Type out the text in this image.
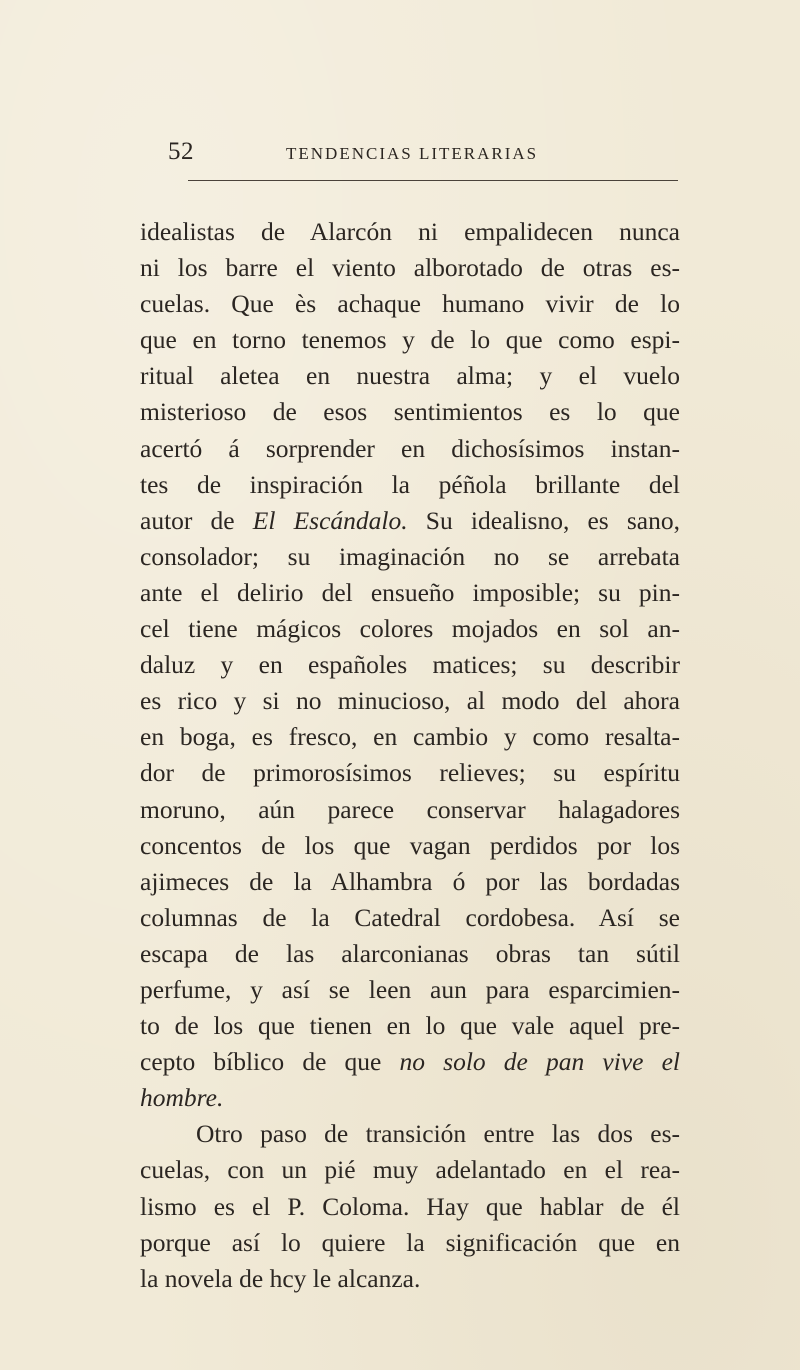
52	TENDENCIAS LITERARIAS
idealistas de Alarcón ni empalidecen nunca
ni los barre el viento alborotado de otras es-
cuelas. Que ès achaque humano vivir de lo
que en torno tenemos y de lo que como espi-
ritual aletea en nuestra alma; y el vuelo
misterioso de esos sentimientos es lo que
acertó á sorprender en dichosísimos instan-
tes de inspiración la péñola brillante del
autor de El Escándalo. Su idealisno, es sano,
consolador; su imaginación no se arrebata
ante el delirio del ensueño imposible; su pin-
cel tiene mágicos colores mojados en sol an-
daluz y en españoles matices; su describir
es rico y si no minucioso, al modo del ahora
en boga, es fresco, en cambio y como resalta-
dor de primorosísimos relieves; su espíritu
moruno, aún parece conservar halagadores
concentos de los que vagan perdidos por los
ajimeces de la Alhambra ó por las bordadas
columnas de la Catedral cordobesa. Así se
escapa de las alarconianas obras tan sútil
perfume, y así se leen aun para esparcimien-
to de los que tienen en lo que vale aquel pre-
cepto bíblico de que no solo de pan vive el
hombre.
Otro paso de transición entre las dos es-
cuelas, con un pié muy adelantado en el rea-
lismo es el P. Coloma. Hay que hablar de él
porque así lo quiere la significación que en
la novela de hcy le alcanza.
